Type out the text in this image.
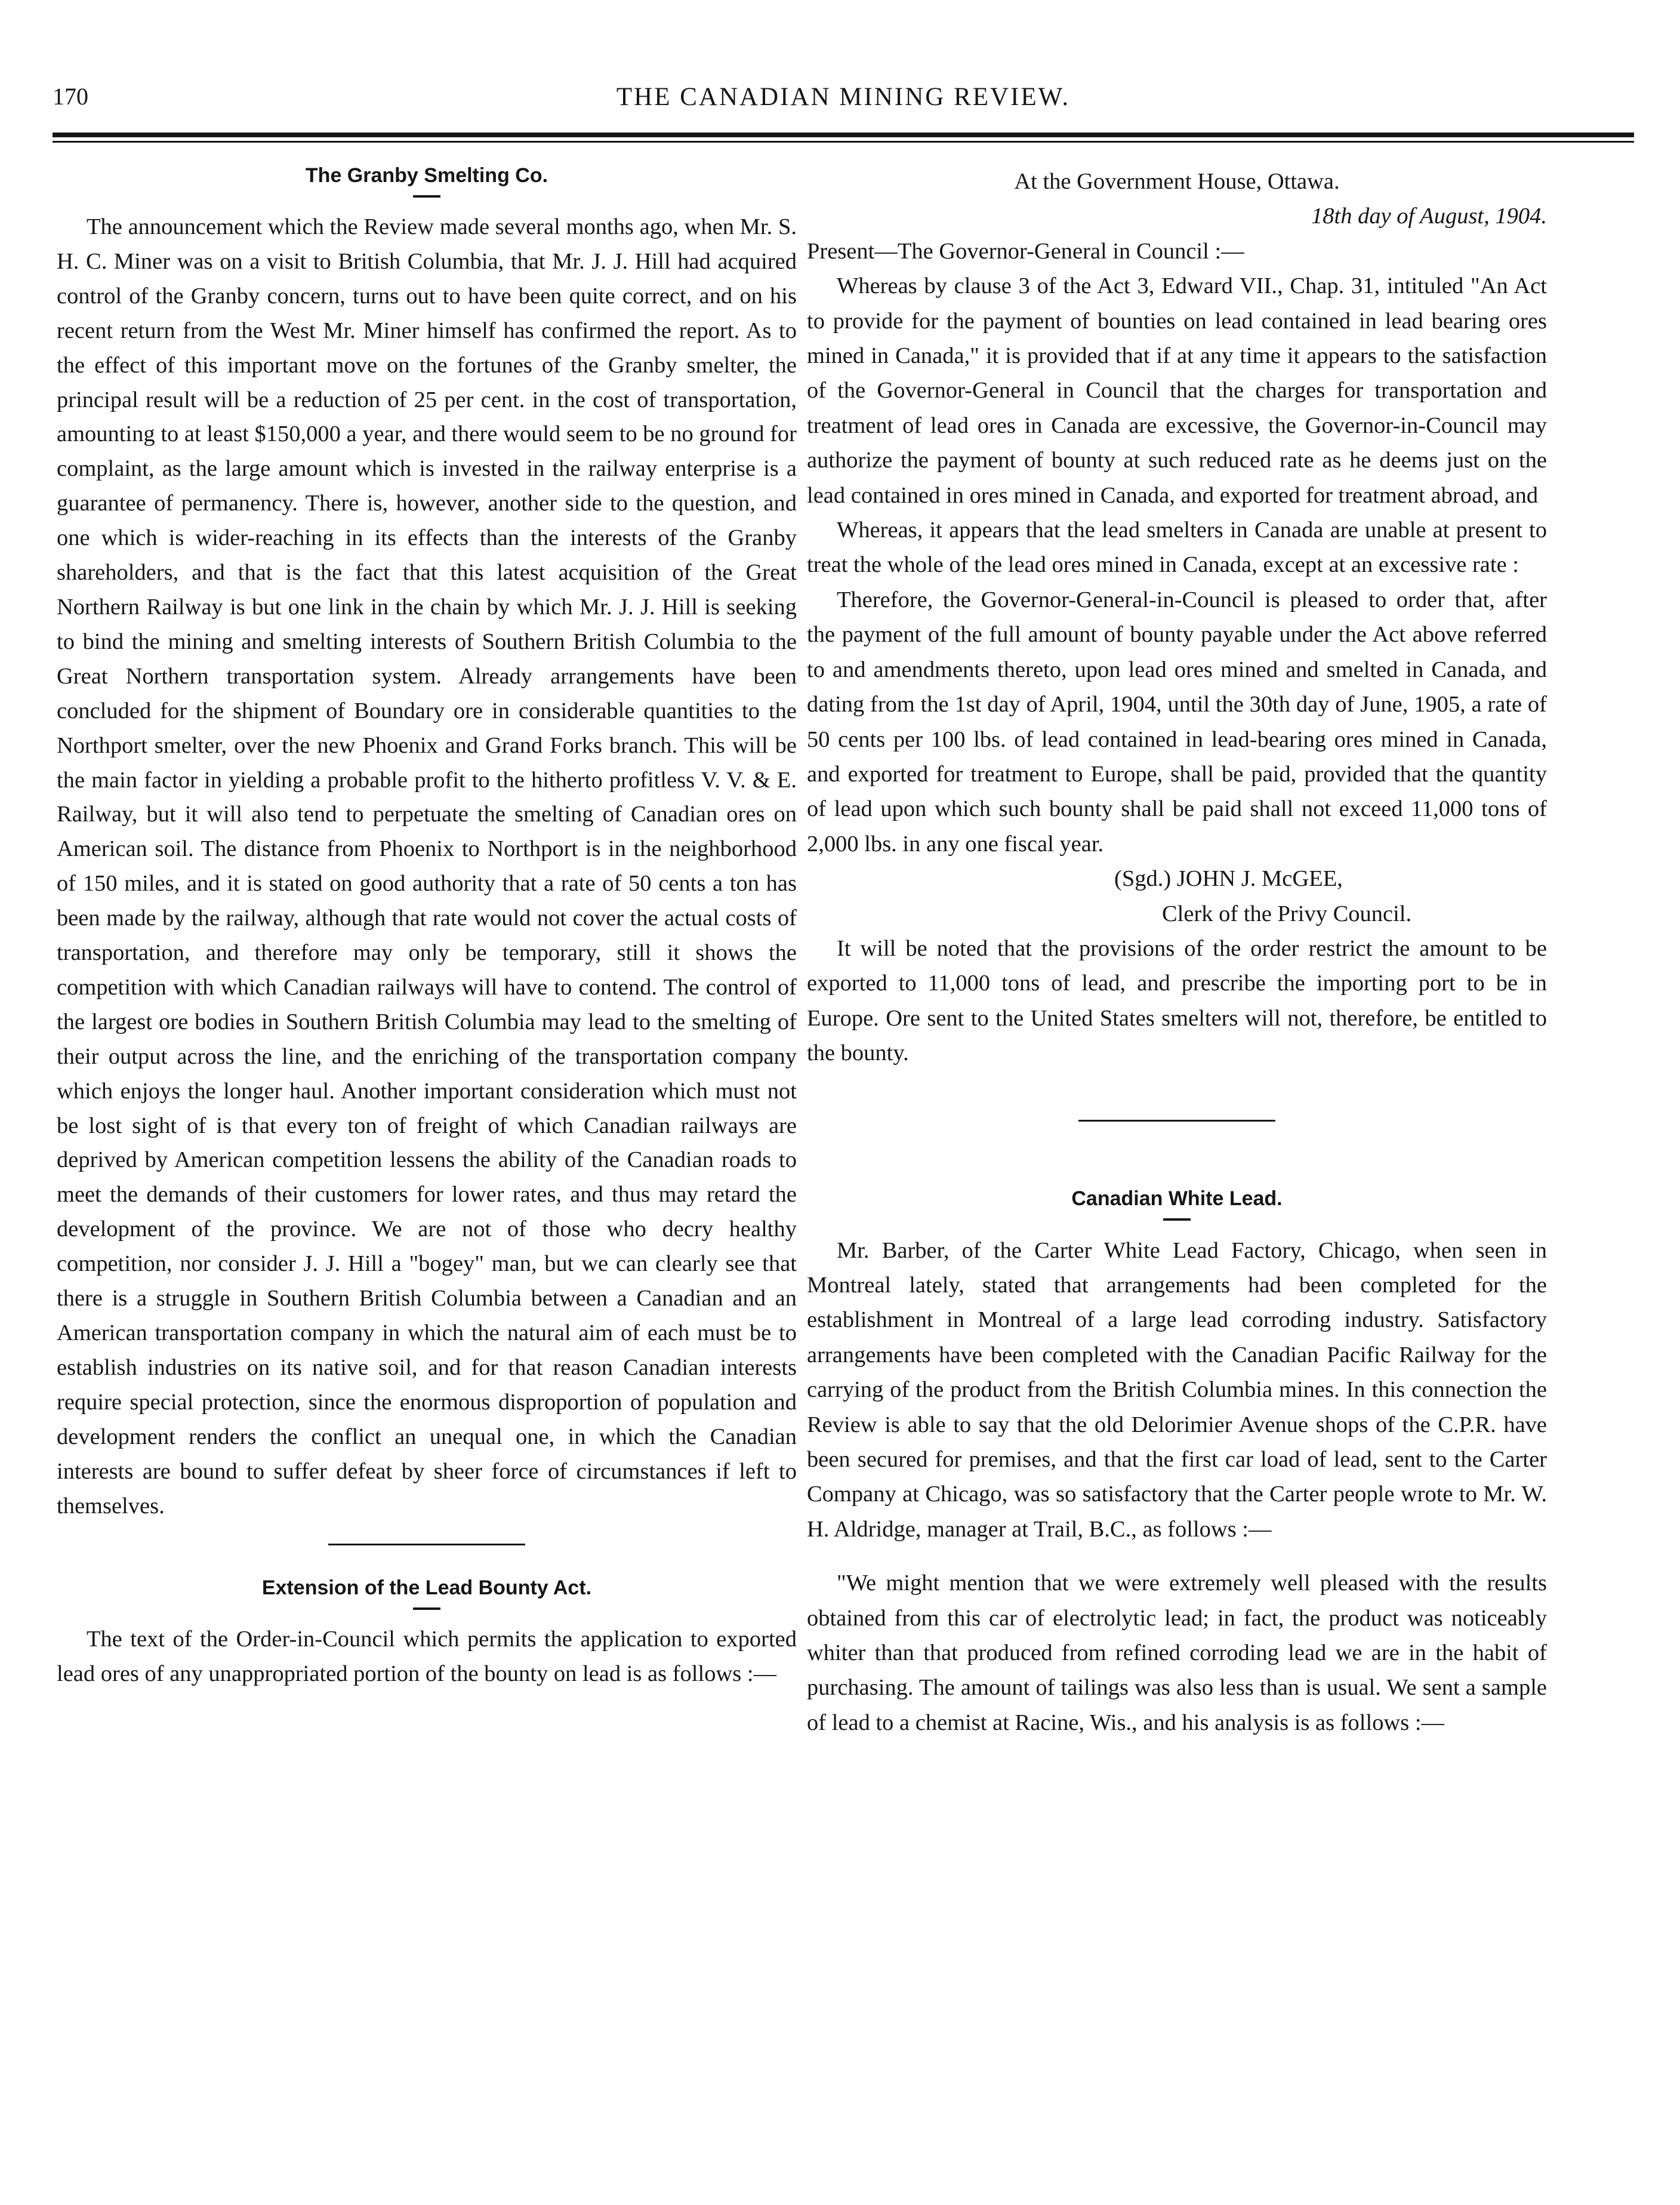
170	THE CANADIAN MINING REVIEW.
The Granby Smelting Co.

The announcement which the Review made several months ago, when Mr. S. H. C. Miner was on a visit to British Columbia, that Mr. J. J. Hill had acquired control of the Granby concern, turns out to have been quite correct, and on his recent return from the West Mr. Miner himself has confirmed the report. As to the effect of this important move on the fortunes of the Granby smelter, the principal result will be a reduction of 25 per cent. in the cost of transportation, amounting to at least $150,000 a year, and there would seem to be no ground for complaint, as the large amount which is invested in the railway enterprise is a guarantee of permanency. There is, however, another side to the question, and one which is wider-reaching in its effects than the interests of the Granby shareholders, and that is the fact that this latest acquisition of the Great Northern Railway is but one link in the chain by which Mr. J. J. Hill is seeking to bind the mining and smelting interests of Southern British Columbia to the Great Northern transportation system. Already arrangements have been concluded for the shipment of Boundary ore in considerable quantities to the Northport smelter, over the new Phoenix and Grand Forks branch. This will be the main factor in yielding a probable profit to the hitherto profitless V. V. & E. Railway, but it will also tend to perpetuate the smelting of Canadian ores on American soil. The distance from Phoenix to Northport is in the neighborhood of 150 miles, and it is stated on good authority that a rate of 50 cents a ton has been made by the railway, although that rate would not cover the actual costs of transportation, and therefore may only be temporary, still it shows the competition with which Canadian railways will have to contend. The control of the largest ore bodies in Southern British Columbia may lead to the smelting of their output across the line, and the enriching of the transportation company which enjoys the longer haul. Another important consideration which must not be lost sight of is that every ton of freight of which Canadian railways are deprived by American competition lessens the ability of the Canadian roads to meet the demands of their customers for lower rates, and thus may retard the development of the province. We are not of those who decry healthy competition, nor consider J. J. Hill a "bogey" man, but we can clearly see that there is a struggle in Southern British Columbia between a Canadian and an American transportation company in which the natural aim of each must be to establish industries on its native soil, and for that reason Canadian interests require special protection, since the enormous disproportion of population and development renders the conflict an unequal one, in which the Canadian interests are bound to suffer defeat by sheer force of circumstances if left to themselves.

Extension of the Lead Bounty Act.

The text of the Order-in-Council which permits the application to exported lead ores of any unappropriated portion of the bounty on lead is as follows :—

At the Government House, Ottawa.
18th day of August, 1904.

Present—The Governor-General in Council :—

Whereas by clause 3 of the Act 3, Edward VII., Chap. 31, intituled "An Act to provide for the payment of bounties on lead contained in lead bearing ores mined in Canada," it is provided that if at any time it appears to the satisfaction of the Governor-General in Council that the charges for transportation and treatment of lead ores in Canada are excessive, the Governor-in-Council may authorize the payment of bounty at such reduced rate as he deems just on the lead contained in ores mined in Canada, and exported for treatment abroad, and

Whereas, it appears that the lead smelters in Canada are unable at present to treat the whole of the lead ores mined in Canada, except at an excessive rate :

Therefore, the Governor-General-in-Council is pleased to order that, after the payment of the full amount of bounty payable under the Act above referred to and amendments thereto, upon lead ores mined and smelted in Canada, and dating from the 1st day of April, 1904, until the 30th day of June, 1905, a rate of 50 cents per 100 lbs. of lead contained in lead-bearing ores mined in Canada, and exported for treatment to Europe, shall be paid, provided that the quantity of lead upon which such bounty shall be paid shall not exceed 11,000 tons of 2,000 lbs. in any one fiscal year.

(Sgd.) JOHN J. McGEE,
Clerk of the Privy Council.

It will be noted that the provisions of the order restrict the amount to be exported to 11,000 tons of lead, and prescribe the importing port to be in Europe. Ore sent to the United States smelters will not, therefore, be entitled to the bounty.

Canadian White Lead.

Mr. Barber, of the Carter White Lead Factory, Chicago, when seen in Montreal lately, stated that arrangements had been completed for the establishment in Montreal of a large lead corroding industry. Satisfactory arrangements have been completed with the Canadian Pacific Railway for the carrying of the product from the British Columbia mines. In this connection the Review is able to say that the old Delorimier Avenue shops of the C.P.R. have been secured for premises, and that the first car load of lead, sent to the Carter Company at Chicago, was so satisfactory that the Carter people wrote to Mr. W. H. Aldridge, manager at Trail, B.C., as follows :—

"We might mention that we were extremely well pleased with the results obtained from this car of electrolytic lead; in fact, the product was noticeably whiter than that produced from refined corroding lead we are in the habit of purchasing. The amount of tailings was also less than is usual. We sent a sample of lead to a chemist at Racine, Wis., and his analysis is as follows :—
